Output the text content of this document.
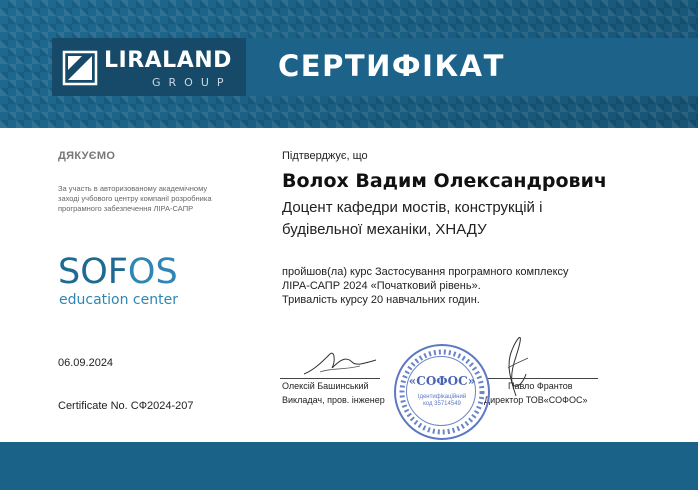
LIRALAND
GROUP СЕРТИФІКАТ
ДЯКУЄМО
За участь в авторизованому академічному заході учбового центру компанії розробника програмного забезпечення ЛІРА-САПР
SOFOS
education center
06.09.2024
Certificate No. СФ2024-207
Підтверджує, що
Волох Вадим Олександрович
Доцент кафедри мостів, конструкцій і будівельної механіки, ХНАДУ
пройшов(ла) курс Застосування програмного комплексу
ЛІРА-САПР 2024 «Початковий рівень».
Тривалість курсу 20 навчальних годин.
Олексій Башинський
Викладач, пров. інженер
Павло Франтов
Директор ТОВ«СОФОС»
«СОФОС»
Ідентифікаційний
код 35714549
